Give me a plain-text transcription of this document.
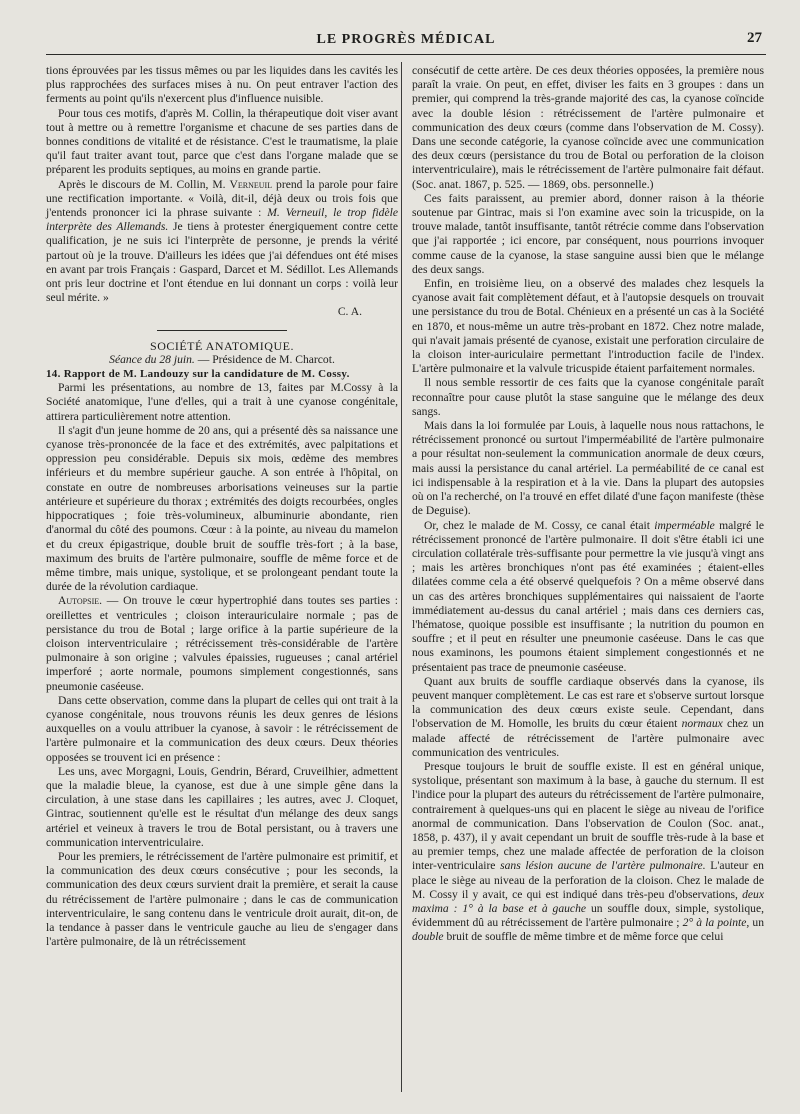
LE PROGRÈS MÉDICAL	27

tions éprouvées par les tissus mêmes ou par les liquides dans les cavités les plus rapprochées des surfaces mises à nu. On peut entraver l'action des ferments au point qu'ils n'exercent plus d'influence nuisible.

Pour tous ces motifs, d'après M. Collin, la thérapeutique doit viser avant tout à mettre ou à remettre l'organisme et chacune de ses parties dans de bonnes conditions de vitalité et de résistance. C'est le traumatisme, la plaie qu'il faut traiter avant tout, parce que c'est dans l'organe malade que se préparent les produits septiques, au moins en grande partie.

Après le discours de M. Collin, M. Verneuil prend la parole pour faire une rectification importante. « Voilà, dit-il, déjà deux ou trois fois que j'entends prononcer ici la phrase suivante : M. Verneuil, le trop fidèle interprète des Allemands. Je tiens à protester énergiquement contre cette qualification, je ne suis ici l'interprète de personne, je prends la vérité partout où je la trouve. D'ailleurs les idées que j'ai défendues ont été mises en avant par trois Français : Gaspard, Darcet et M. Sédillot. Les Allemands ont pris leur doctrine et l'ont étendue en lui donnant un corps : voilà leur seul mérite. »

C. A.

SOCIÉTÉ ANATOMIQUE.

Séance du 28 juin. — Présidence de M. Charcot.

14. Rapport de M. Landouzy sur la candidature de M. Cossy.

Parmi les présentations, au nombre de 13, faites par M.Cossy à la Société anatomique, l'une d'elles, qui a trait à une cyanose congénitale, attirera particulièrement notre attention.

Il s'agit d'un jeune homme de 20 ans, qui a présenté dès sa naissance une cyanose très-prononcée de la face et des extrémités, avec palpitations et oppression peu considérable. Depuis six mois, œdème des membres inférieurs et du membre supérieur gauche. A son entrée à l'hôpital, on constate en outre de nombreuses arborisations veineuses sur la partie antérieure et supérieure du thorax ; extrémités des doigts recourbées, ongles hippocratiques ; foie très-volumineux, albuminurie abondante, rien d'anormal du côté des poumons. Cœur : à la pointe, au niveau du mamelon et du creux épigastrique, double bruit de souffle très-fort ; à la base, maximum des bruits de l'artère pulmonaire, souffle de même force et de même timbre, mais unique, systolique, et se prolongeant pendant toute la durée de la révolution cardiaque.

Autopsie. — On trouve le cœur hypertrophié dans toutes ses parties : oreillettes et ventricules ; cloison interauriculaire normale ; pas de persistance du trou de Botal ; large orifice à la partie supérieure de la cloison interventriculaire ; rétrécissement très-considérable de l'artère pulmonaire à son origine ; valvules épaissies, rugueuses ; canal artériel imperforé ; aorte normale, poumons simplement congestionnés, sans pneumonie caséeuse.

Dans cette observation, comme dans la plupart de celles qui ont trait à la cyanose congénitale, nous trouvons réunis les deux genres de lésions auxquelles on a voulu attribuer la cyanose, à savoir : le rétrécissement de l'artère pulmonaire et la communication des deux cœurs. Deux théories opposées se trouvent ici en présence :

Les uns, avec Morgagni, Louis, Gendrin, Bérard, Cruveilhier, admettent que la maladie bleue, la cyanose, est due à une simple gêne dans la circulation, à une stase dans les capillaires ; les autres, avec J. Cloquet, Gintrac, soutiennent qu'elle est le résultat d'un mélange des deux sangs artériel et veineux à travers le trou de Botal persistant, ou à travers une communication interventriculaire.

Pour les premiers, le rétrécissement de l'artère pulmonaire est primitif, et la communication des deux cœurs consécutive ; pour les seconds, la communication des deux cœurs survient drait la première, et serait la cause du rétrécissement de l'artère pulmonaire ; dans le cas de communication interventriculaire, le sang contenu dans le ventricule droit aurait, dit-on, de la tendance à passer dans le ventricule gauche au lieu de s'engager dans l'artère pulmonaire, de là un rétrécissement

consécutif de cette artère. De ces deux théories opposées, la première nous paraît la vraie. On peut, en effet, diviser les faits en 3 groupes : dans un premier, qui comprend la très-grande majorité des cas, la cyanose coïncide avec la double lésion : rétrécissement de l'artère pulmonaire et communication des deux cœurs (comme dans l'observation de M. Cossy). Dans une seconde catégorie, la cyanose coïncide avec une communication des deux cœurs (persistance du trou de Botal ou perforation de la cloison interventriculaire), mais le rétrécissement de l'artère pulmonaire fait défaut. (Soc. anat. 1867, p. 525. — 1869, obs. personnelle.)

Ces faits paraissent, au premier abord, donner raison à la théorie soutenue par Gintrac, mais si l'on examine avec soin la tricuspide, on la trouve malade, tantôt insuffisante, tantôt rétrécie comme dans l'observation que j'ai rapportée ; ici encore, par conséquent, nous pourrions invoquer comme cause de la cyanose, la stase sanguine aussi bien que le mélange des deux sangs.

Enfin, en troisième lieu, on a observé des malades chez lesquels la cyanose avait fait complètement défaut, et à l'autopsie desquels on trouvait une persistance du trou de Botal. Chénieux en a présenté un cas à la Société en 1870, et nous-même un autre très-probant en 1872. Chez notre malade, qui n'avait jamais présenté de cyanose, existait une perforation circulaire de la cloison inter-auriculaire permettant l'introduction facile de l'index. L'artère pulmonaire et la valvule tricuspide étaient parfaitement normales.

Il nous semble ressortir de ces faits que la cyanose congénitale paraît reconnaître pour cause plutôt la stase sanguine que le mélange des deux sangs.

Mais dans la loi formulée par Louis, à laquelle nous nous rattachons, le rétrécissement prononcé ou surtout l'imperméabilité de l'artère pulmonaire a pour résultat non-seulement la communication anormale de deux cœurs, mais aussi la persistance du canal artériel. La perméabilité de ce canal est ici indispensable à la respiration et à la vie. Dans la plupart des autopsies où on l'a recherché, on l'a trouvé en effet dilaté d'une façon manifeste (thèse de Deguise).

Or, chez le malade de M. Cossy, ce canal était imperméable malgré le rétrécissement prononcé de l'artère pulmonaire. Il doit s'être établi ici une circulation collatérale très-suffisante pour permettre la vie jusqu'à vingt ans ; mais les artères bronchiques n'ont pas été examinées ; étaient-elles dilatées comme cela a été observé quelquefois ? On a même observé dans un cas des artères bronchiques supplémentaires qui naissaient de l'aorte immédiatement au-dessus du canal artériel ; mais dans ces derniers cas, l'hématose, quoique possible est insuffisante ; la nutrition du poumon en souffre ; et il peut en résulter une pneumonie caséeuse. Dans le cas que nous examinons, les poumons étaient simplement congestionnés et ne présentaient pas trace de pneumonie caséeuse.

Quant aux bruits de souffle cardiaque observés dans la cyanose, ils peuvent manquer complètement. Le cas est rare et s'observe surtout lorsque la communication des deux cœurs existe seule. Cependant, dans l'observation de M. Homolle, les bruits du cœur étaient normaux chez un malade affecté de rétrécissement de l'artère pulmonaire avec communication des ventricules.

Presque toujours le bruit de souffle existe. Il est en général unique, systolique, présentant son maximum à la base, à gauche du sternum. Il est l'indice pour la plupart des auteurs du rétrécissement de l'artère pulmonaire, contrairement à quelques-uns qui en placent le siège au niveau de l'orifice anormal de communication. Dans l'observation de Coulon (Soc. anat., 1858, p. 437), il y avait cependant un bruit de souffle très-rude à la base et au premier temps, chez une malade affectée de perforation de la cloison inter-ventriculaire sans lésion aucune de l'artère pulmonaire. L'auteur en place le siège au niveau de la perforation de la cloison. Chez le malade de M. Cossy il y avait, ce qui est indiqué dans très-peu d'observations, deux maxima : 1° à la base et à gauche un souffle doux, simple, systolique, évidemment dû au rétrécissement de l'artère pulmonaire ; 2° à la pointe, un double bruit de souffle de même timbre et de même force que celui
